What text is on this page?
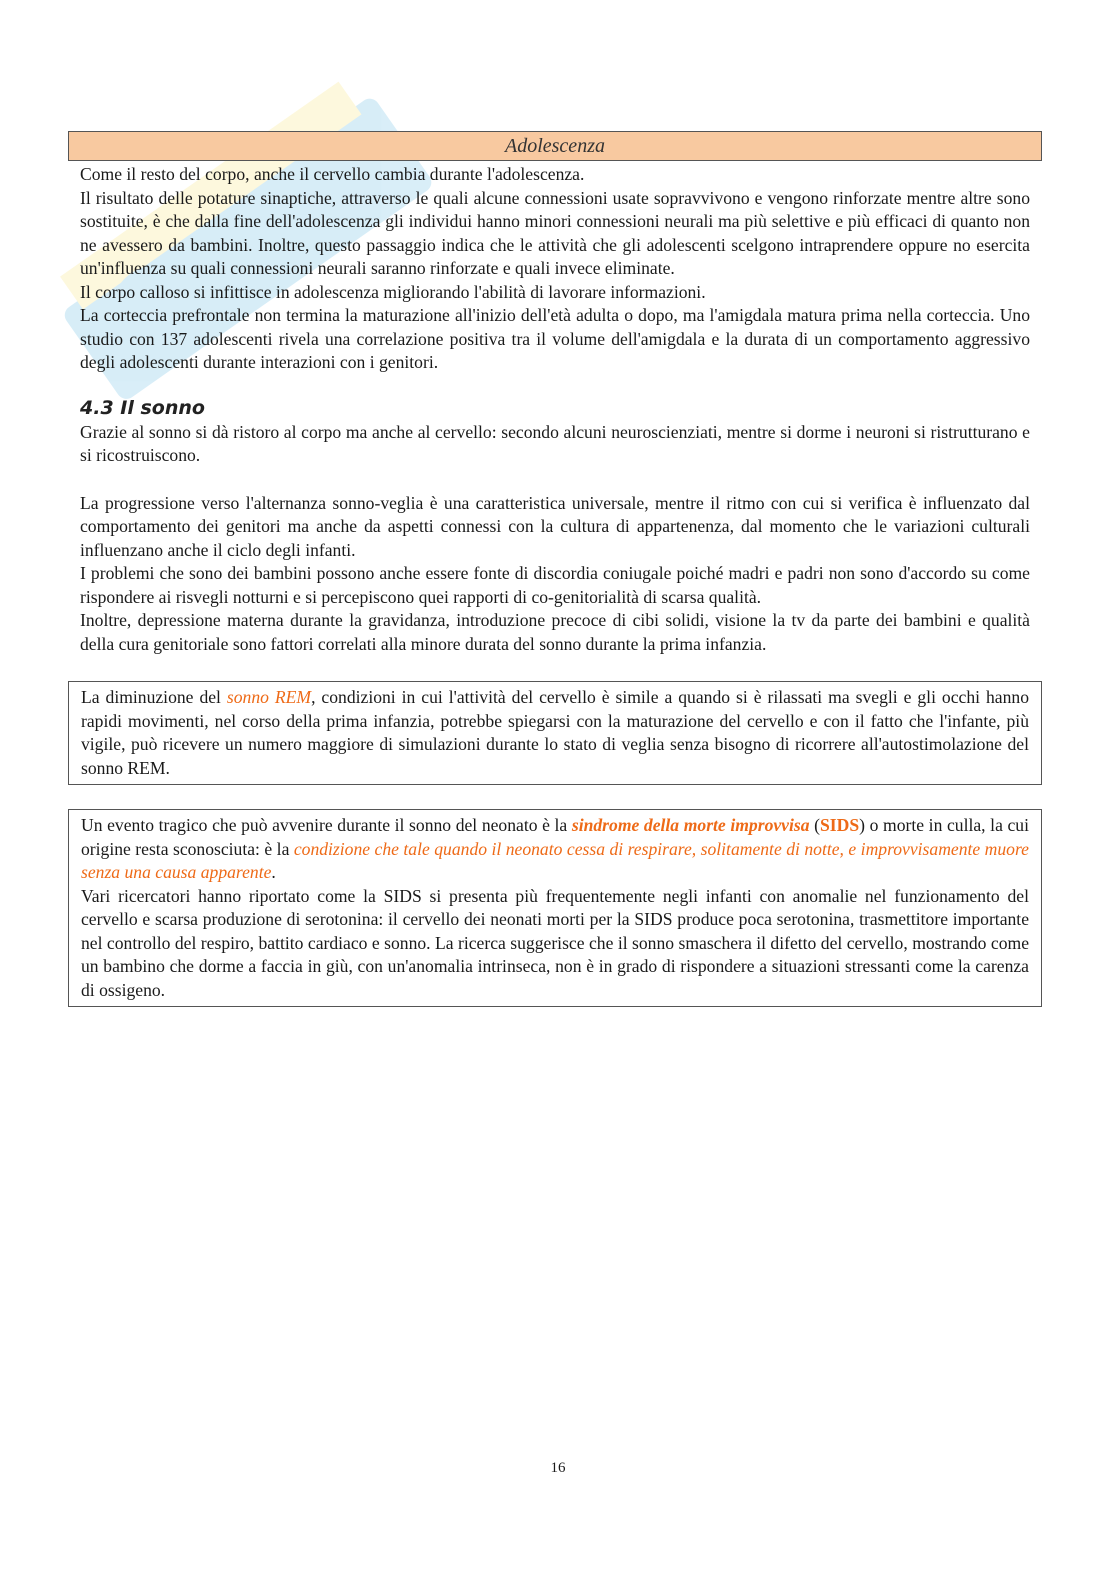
Adolescenza

Come il resto del corpo, anche il cervello cambia durante l'adolescenza.

Il risultato delle potature sinaptiche, attraverso le quali alcune connessioni usate sopravvivono e vengono rinforzate mentre altre sono sostituite, è che dalla fine dell'adolescenza gli individui hanno minori connessioni neurali ma più selettive e più efficaci di quanto non ne avessero da bambini. Inoltre, questo passaggio indica che le attività che gli adolescenti scelgono intraprendere oppure no esercita un'influenza su quali connessioni neurali saranno rinforzate e quali invece eliminate.

Il corpo calloso si infittisce in adolescenza migliorando l'abilità di lavorare informazioni.

La corteccia prefrontale non termina la maturazione all'inizio dell'età adulta o dopo, ma l'amigdala matura prima nella corteccia. Uno studio con 137 adolescenti rivela una correlazione positiva tra il volume dell'amigdala e la durata di un comportamento aggressivo degli adolescenti durante interazioni con i genitori.

4.3 Il sonno

Grazie al sonno si dà ristoro al corpo ma anche al cervello: secondo alcuni neuroscienziati, mentre si dorme i neuroni si ristrutturano e si ricostruiscono.

La progressione verso l'alternanza sonno-veglia è una caratteristica universale, mentre il ritmo con cui si verifica è influenzato dal comportamento dei genitori ma anche da aspetti connessi con la cultura di appartenenza, dal momento che le variazioni culturali influenzano anche il ciclo degli infanti.

I problemi che sono dei bambini possono anche essere fonte di discordia coniugale poiché madri e padri non sono d'accordo su come rispondere ai risvegli notturni e si percepiscono quei rapporti di co-genitorialità di scarsa qualità.

Inoltre, depressione materna durante la gravidanza, introduzione precoce di cibi solidi, visione la tv da parte dei bambini e qualità della cura genitoriale sono fattori correlati alla minore durata del sonno durante la prima infanzia.

La diminuzione del sonno REM, condizioni in cui l'attività del cervello è simile a quando si è rilassati ma svegli e gli occhi hanno rapidi movimenti, nel corso della prima infanzia, potrebbe spiegarsi con la maturazione del cervello e con il fatto che l'infante, più vigile, può ricevere un numero maggiore di simulazioni durante lo stato di veglia senza bisogno di ricorrere all'autostimolazione del sonno REM.

Un evento tragico che può avvenire durante il sonno del neonato è la sindrome della morte improvvisa (SIDS) o morte in culla, la cui origine resta sconosciuta: è la condizione che tale quando il neonato cessa di respirare, solitamente di notte, e improvvisamente muore senza una causa apparente.

Vari ricercatori hanno riportato come la SIDS si presenta più frequentemente negli infanti con anomalie nel funzionamento del cervello e scarsa produzione di serotonina: il cervello dei neonati morti per la SIDS produce poca serotonina, trasmettitore importante nel controllo del respiro, battito cardiaco e sonno. La ricerca suggerisce che il sonno smaschera il difetto del cervello, mostrando come un bambino che dorme a faccia in giù, con un'anomalia intrinseca, non è in grado di rispondere a situazioni stressanti come la carenza di ossigeno.

16
